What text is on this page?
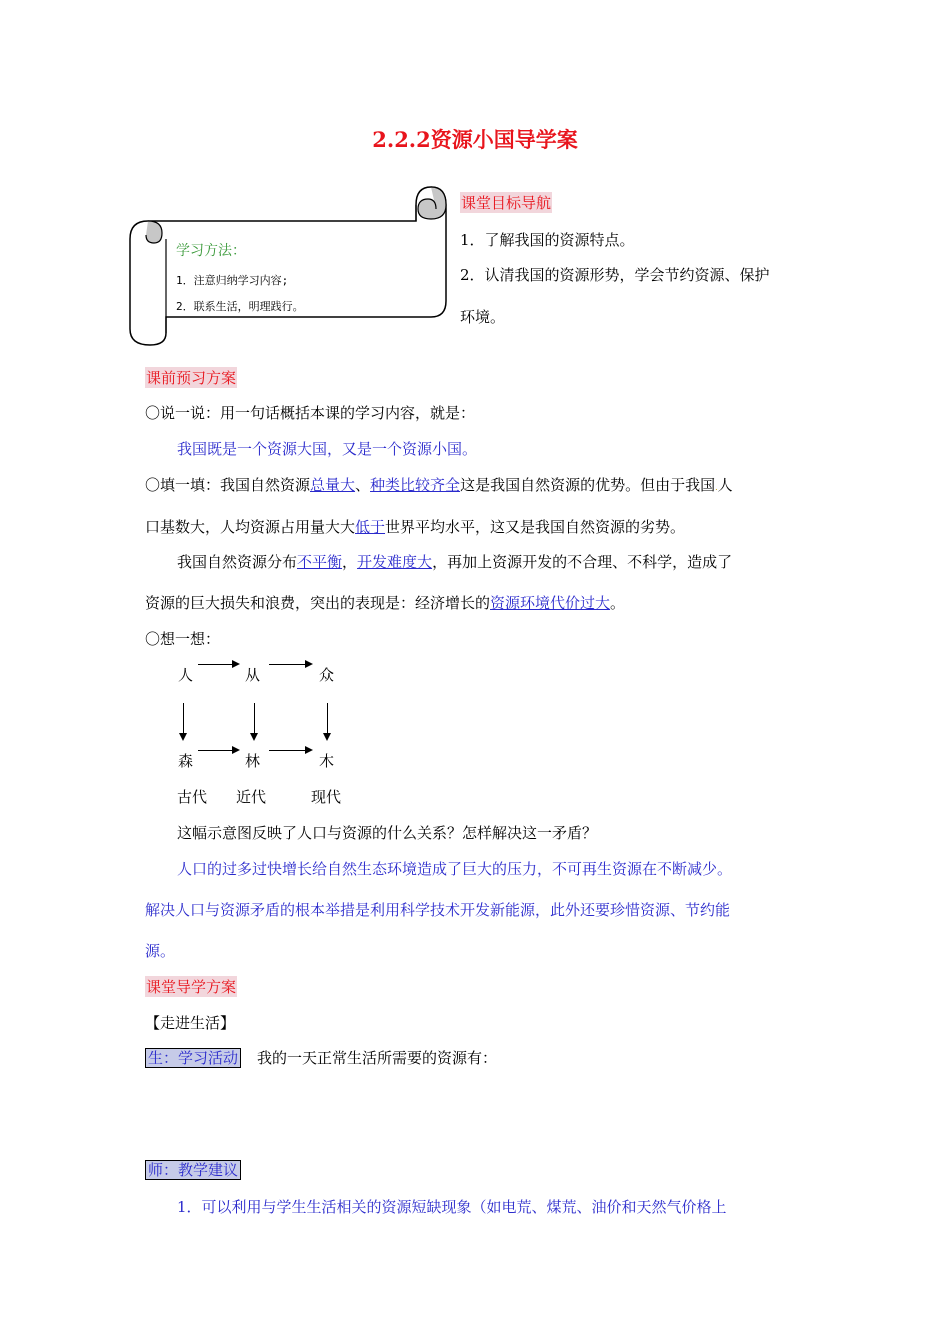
2.2.2资源小国导学案
学习方法：
1．注意归纳学习内容;
2．联系生活，明理践行。
课堂目标导航
1．了解我国的资源特点。
2．认清我国的资源形势，学会节约资源、保护
环境。
课前预习方案
〇说一说：用一句话概括本课的学习内容，就是：
我国既是一个资源大国，又是一个资源小国。
〇填一填：我国自然资源总量大、种类比较齐全这是我国自然资源的优势。但由于我国.人
口基数大，人均资源占用量大大低于世界平均水平，这又是我国自然资源的劣势。
我国自然资源分布不平衡，开发难度大，再加上资源开发的不合理、不科学，造成了
资源的巨大损失和浪费，突出的表现是：经济增长的资源环境代价过大。
〇想一想：
人	从	众
森	林	木
古代 近代	现代
这幅示意图反映了人口与资源的什么关系？怎样解决这一矛盾？
人口的过多过快增长给自然生态环境造成了巨大的压力，不可再生资源在不断减少。
解决人口与资源矛盾的根本举措是利用科学技术开发新能源，此外还要珍惜资源、节约能
源。
课堂导学方案
【走进生活】
生：学习活动 我的一天正常生活所需要的资源有：
师：教学建议
1．可以利用与学生生活相关的资源短缺现象（如电荒、煤荒、油价和天然气价格上
